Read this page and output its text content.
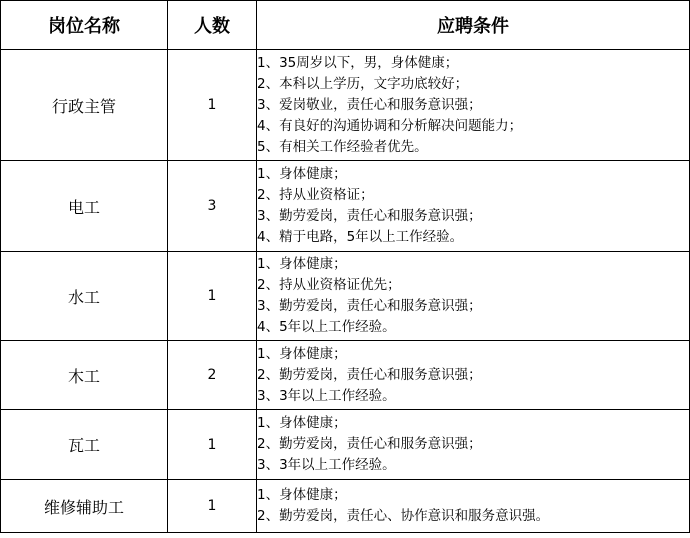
岗位名称	人数	应聘条件
行政主管	1	1、35周岁以下，男，身体健康；
2、本科以上学历，文字功底较好；
3、爱岗敬业，责任心和服务意识强；
4、有良好的沟通协调和分析解决问题能力；
5、有相关工作经验者优先。

电工	3	1、身体健康；
2、持从业资格证；
3、勤劳爱岗，责任心和服务意识强；
4、精于电路，5年以上工作经验。

水工	1	1、身体健康；
2、持从业资格证优先；
3、勤劳爱岗，责任心和服务意识强；
4、5年以上工作经验。

木工	2	1、身体健康；
2、勤劳爱岗，责任心和服务意识强；
3、3年以上工作经验。

瓦工	1	1、身体健康；
2、勤劳爱岗，责任心和服务意识强；
3、3年以上工作经验。

维修辅助工	1	1、身体健康；
2、勤劳爱岗，责任心、协作意识和服务意识强。
